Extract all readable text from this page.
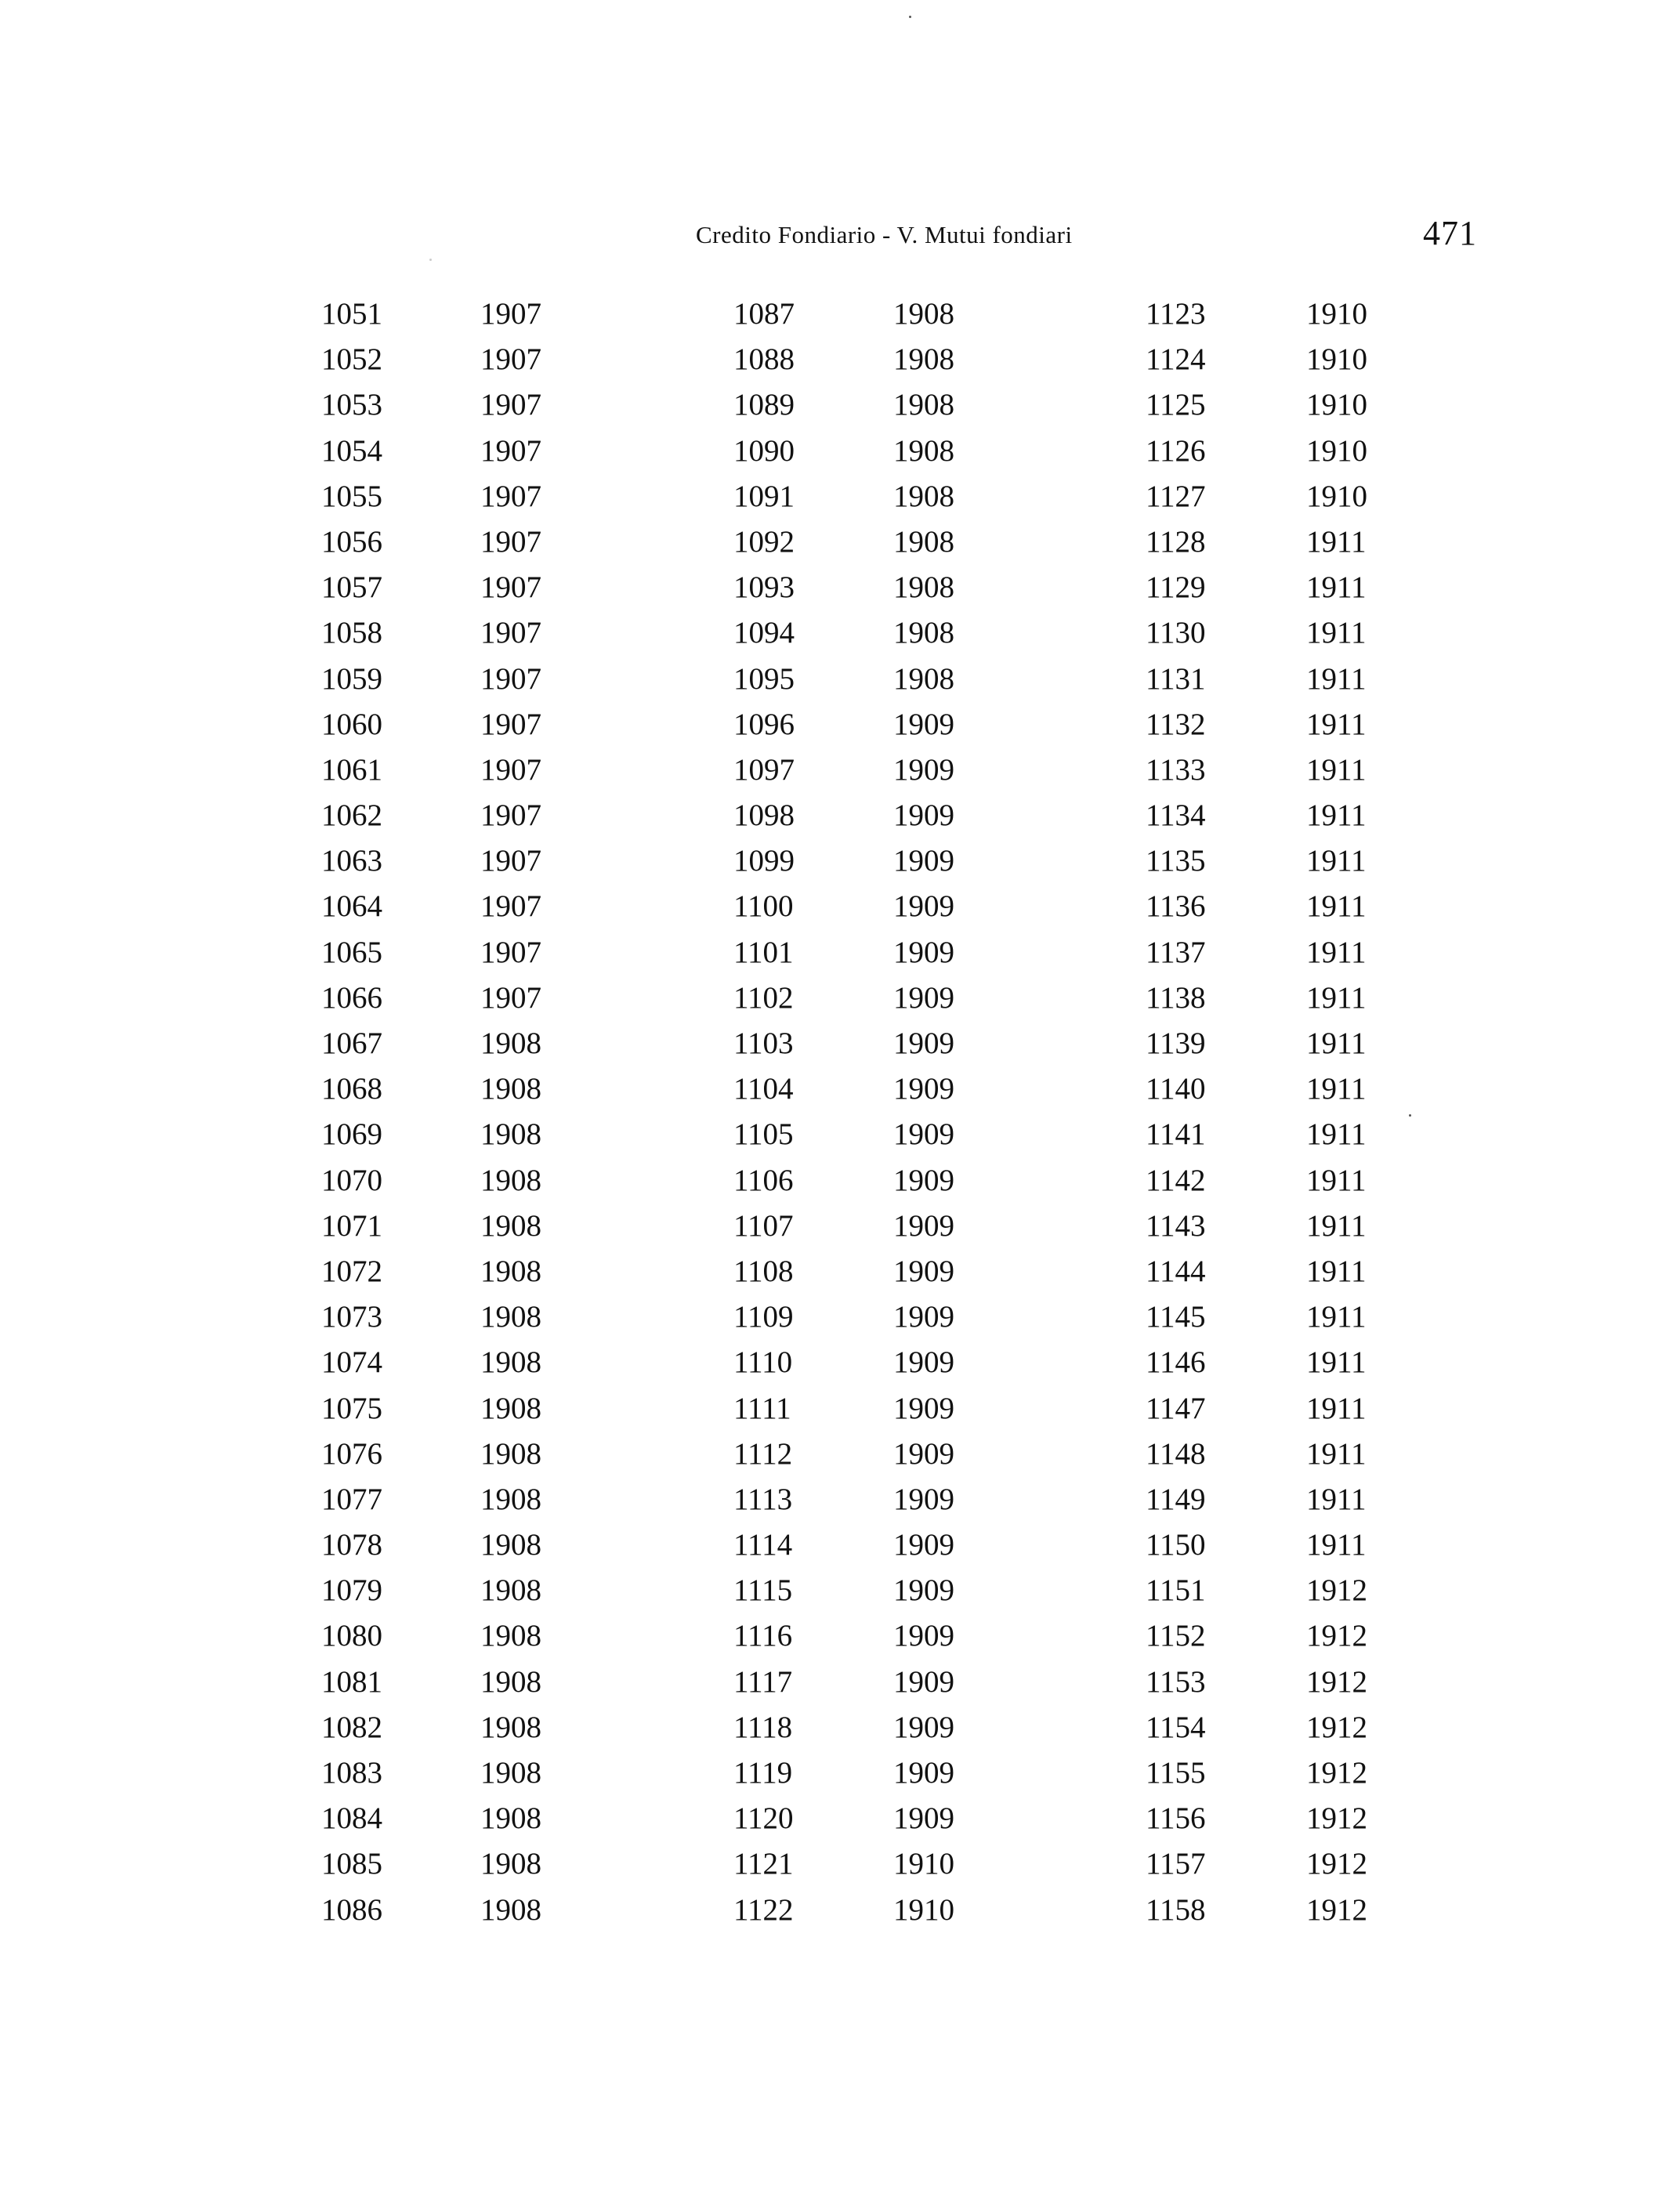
Credito Fondiario - V. Mutui fondiari	471
1051
1052
1053
1054
1055
1056
1057
1058
1059
1060
1061
1062
1063
1064
1065
1066
1067
1068
1069
1070
1071
1072
1073
1074
1075
1076
1077
1078
1079
1080
1081
1082
1083
1084
1085
1086
1907
1907
1907
1907
1907
1907
1907
1907
1907
1907
1907
1907
1907
1907
1907
1907
1908
1908
1908
1908
1908
1908
1908
1908
1908
1908
1908
1908
1908
1908
1908
1908
1908
1908
1908
1908
1087
1088
1089
1090
1091
1092
1093
1094
1095
1096
1097
1098
1099
1100
1101
1102
1103
1104
1105
1106
1107
1108
1109
1110
1111
1112
1113
1114
1115
1116
1117
1118
1119
1120
1121
1122
1908
1908
1908
1908
1908
1908
1908
1908
1908
1909
1909
1909
1909
1909
1909
1909
1909
1909
1909
1909
1909
1909
1909
1909
1909
1909
1909
1909
1909
1909
1909
1909
1909
1909
1910
1910
1123
1124
1125
1126
1127
1128
1129
1130
1131
1132
1133
1134
1135
1136
1137
1138
1139
1140
1141
1142
1143
1144
1145
1146
1147
1148
1149
1150
1151
1152
1153
1154
1155
1156
1157
1158
1910
1910
1910
1910
1910
1911
1911
1911
1911
1911
1911
1911
1911
1911
1911
1911
1911
1911
1911
1911
1911
1911
1911
1911
1911
1911
1911
1911
1912
1912
1912
1912
1912
1912
1912
1912
